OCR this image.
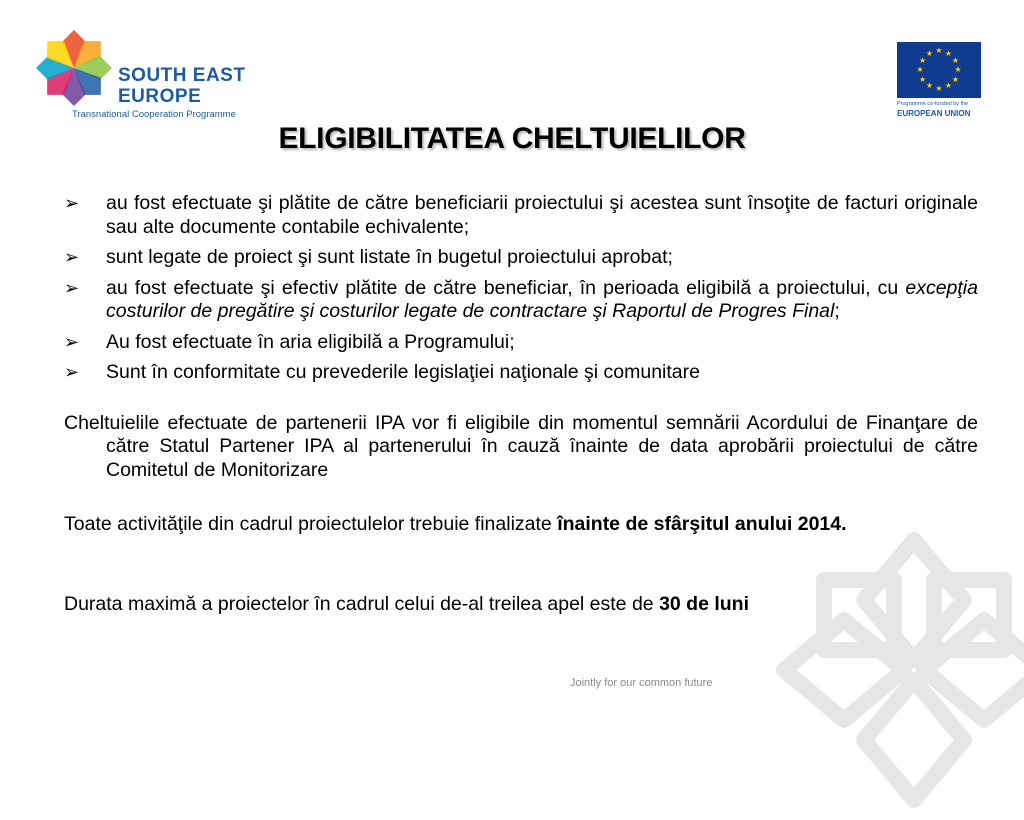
SOUTH EAST
EUROPE
Transnational Cooperation Programme
★ ★
★
★
★
★
★
★
★
★
★
★
Programme co-funded by the
EUROPEAN UNION
ELIGIBILITATEA CHELTUIELILOR
➢ au fost efectuate şi plătite de către beneficiarii proiectului şi acestea sunt însoţite de facturi originale sau alte documente contabile echivalente;
➢ sunt legate de proiect şi sunt listate în bugetul proiectului aprobat;
➢ au fost efectuate şi efectiv plătite de către beneficiar, în perioada eligibilă a proiectului, cu excepţia costurilor de pregătire şi costurilor legate de contractare şi Raportul de Progres Final;
➢ Au fost efectuate în aria eligibilă a Programului;
➢ Sunt în conformitate cu prevederile legislaţiei naţionale şi comunitare
Cheltuielile efectuate de partenerii IPA vor fi eligibile din momentul semnării Acordului de Finanţare de către Statul Partener IPA al partenerului în cauză înainte de data aprobării proiectului de către Comitetul de Monitorizare
Toate activităţile din cadrul proiectulelor trebuie finalizate înainte de sfârşitul anului 2014.
Durata maximă a proiectelor în cadrul celui de-al treilea apel este de 30 de luni
Jointly for our common future
